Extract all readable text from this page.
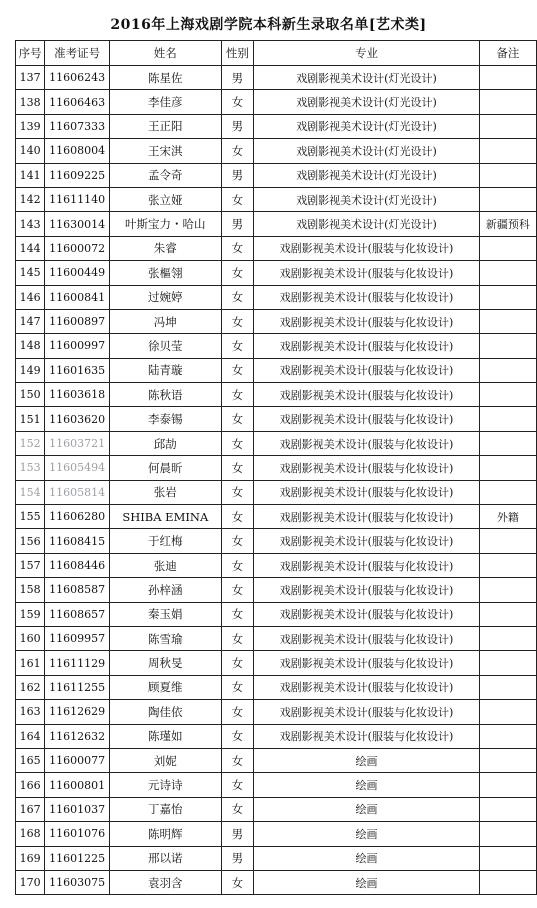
2016年上海戏剧学院本科新生录取名单[艺术类]
序号	准考证号	姓名	性别	专业	备注
137	11606243	陈星佐	男	戏剧影视美术设计(灯光设计)	
138	11606463	李佳彦	女	戏剧影视美术设计(灯光设计)	
139	11607333	王正阳	男	戏剧影视美术设计(灯光设计)	
140	11608004	王宋淇	女	戏剧影视美术设计(灯光设计)	
141	11609225	孟令奇	男	戏剧影视美术设计(灯光设计)	
142	11611140	张立娅	女	戏剧影视美术设计(灯光设计)	
143	11630014	叶斯宝力・哈山	男	戏剧影视美术设计(灯光设计)	新疆预科
144	11600072	朱睿	女	戏剧影视美术设计(服装与化妆设计)	
145	11600449	张樞翎	女	戏剧影视美术设计(服装与化妆设计)	
146	11600841	过婉婷	女	戏剧影视美术设计(服装与化妆设计)	
147	11600897	冯坤	女	戏剧影视美术设计(服装与化妆设计)	
148	11600997	徐贝莹	女	戏剧影视美术设计(服装与化妆设计)	
149	11601635	陆青璇	女	戏剧影视美术设计(服装与化妆设计)	
150	11603618	陈秋语	女	戏剧影视美术设计(服装与化妆设计)	
151	11603620	李泰锡	女	戏剧影视美术设计(服装与化妆设计)	
152	11603721	邱劼	女	戏剧影视美术设计(服装与化妆设计)	
153	11605494	何晨昕	女	戏剧影视美术设计(服装与化妆设计)	
154	11605814	张岩	女	戏剧影视美术设计(服装与化妆设计)	
155	11606280	SHIBA EMINA	女	戏剧影视美术设计(服装与化妆设计)	外籍
156	11608415	于红梅	女	戏剧影视美术设计(服装与化妆设计)	
157	11608446	张迪	女	戏剧影视美术设计(服装与化妆设计)	
158	11608587	孙梓涵	女	戏剧影视美术设计(服装与化妆设计)	
159	11608657	秦玉娟	女	戏剧影视美术设计(服装与化妆设计)	
160	11609957	陈雪瑜	女	戏剧影视美术设计(服装与化妆设计)	
161	11611129	周秋旻	女	戏剧影视美术设计(服装与化妆设计)	
162	11611255	顾夏维	女	戏剧影视美术设计(服装与化妆设计)	
163	11612629	陶佳依	女	戏剧影视美术设计(服装与化妆设计)	
164	11612632	陈瑾如	女	戏剧影视美术设计(服装与化妆设计)	
165	11600077	刘妮	女	绘画	
166	11600801	元诗诗	女	绘画	
167	11601037	丁嘉怡	女	绘画	
168	11601076	陈明辉	男	绘画	
169	11601225	邢以诺	男	绘画	
170	11603075	袁羽含	女	绘画	
